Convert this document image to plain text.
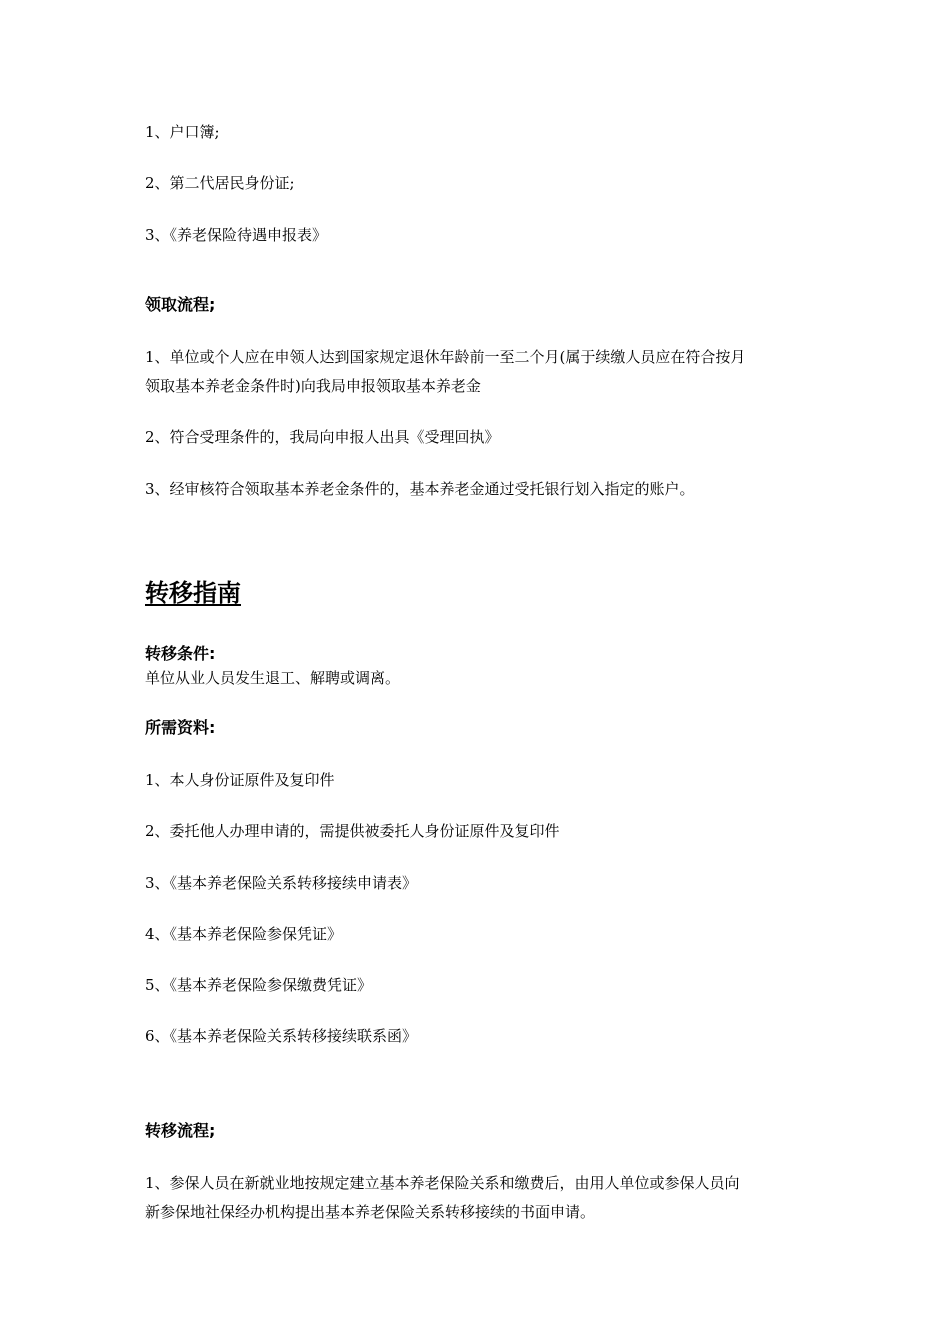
1、户口簿;

2、第二代居民身份证;

3、《养老保险待遇申报表》

领取流程;

1、单位或个人应在申领人达到国家规定退休年龄前一至二个月(属于续缴人员应在符合按月

领取基本养老金条件时)向我局申报领取基本养老金

2、符合受理条件的，我局向申报人出具《受理回执》

3、经审核符合领取基本养老金条件的，基本养老金通过受托银行划入指定的账户。

转移指南

转移条件:

单位从业人员发生退工、解聘或调离。

所需资料:

1、本人身份证原件及复印件

2、委托他人办理申请的，需提供被委托人身份证原件及复印件

3、《基本养老保险关系转移接续申请表》

4、《基本养老保险参保凭证》

5、《基本养老保险参保缴费凭证》

6、《基本养老保险关系转移接续联系函》

转移流程;

1、参保人员在新就业地按规定建立基本养老保险关系和缴费后，由用人单位或参保人员向

新参保地社保经办机构提出基本养老保险关系转移接续的书面申请。
